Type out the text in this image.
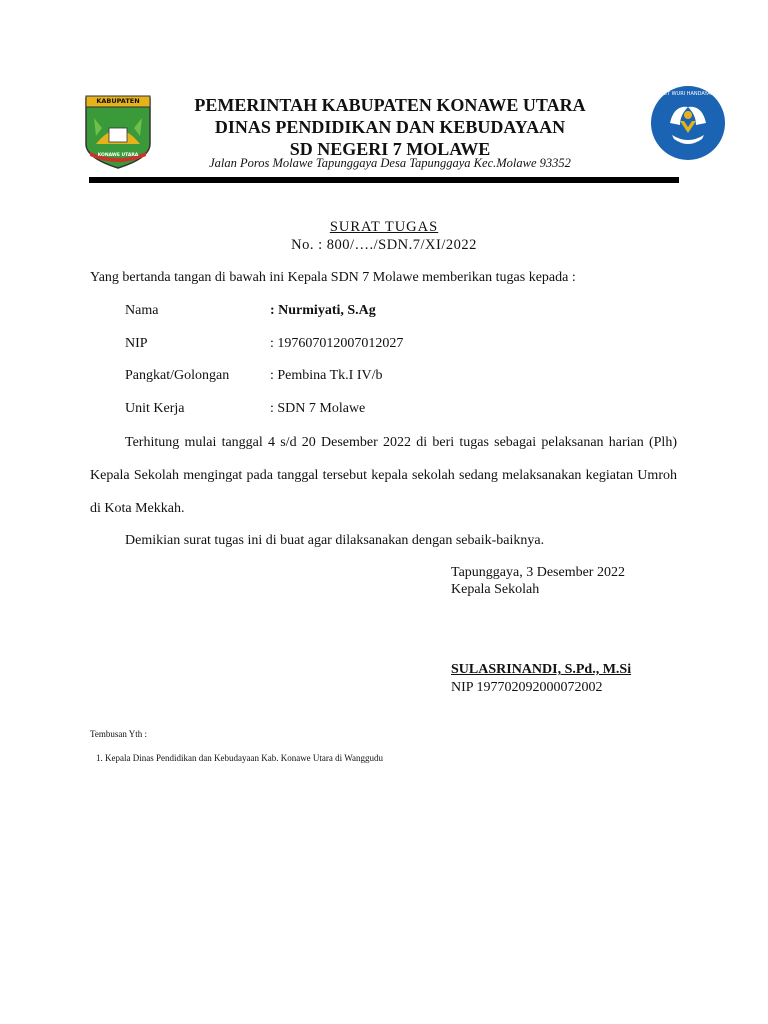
KABUPATEN
KONAWE UTARA
PEMERINTAH KABUPATEN KONAWE UTARA
DINAS PENDIDIKAN DAN KEBUDAYAAN
SD NEGERI 7 MOLAWE
Jalan Poros Molawe Tapunggaya Desa Tapunggaya Kec.Molawe 93352
TUT WURI HANDAYANI
SURAT TUGAS
No. : 800/…./SDN.7/XI/2022
Yang bertanda tangan di bawah ini Kepala SDN 7 Molawe memberikan tugas kepada :
Nama	: Nurmiyati, S.Ag
NIP	: 197607012007012027
Pangkat/Golongan	: Pembina Tk.I IV/b
Unit Kerja	: SDN 7 Molawe
Terhitung mulai tanggal 4 s/d 20 Desember 2022 di beri tugas sebagai pelaksanan harian (Plh) Kepala Sekolah mengingat pada tanggal tersebut kepala sekolah sedang melaksanakan kegiatan Umroh di Kota Mekkah.
Demikian surat tugas ini di buat agar dilaksanakan dengan sebaik-baiknya.
Tapunggaya, 3 Desember 2022
Kepala Sekolah
SULASRINANDI, S.Pd., M.Si
NIP 197702092000072002
Tembusan Yth :
1. Kepala Dinas Pendidikan dan Kebudayaan Kab. Konawe Utara di Wanggudu
